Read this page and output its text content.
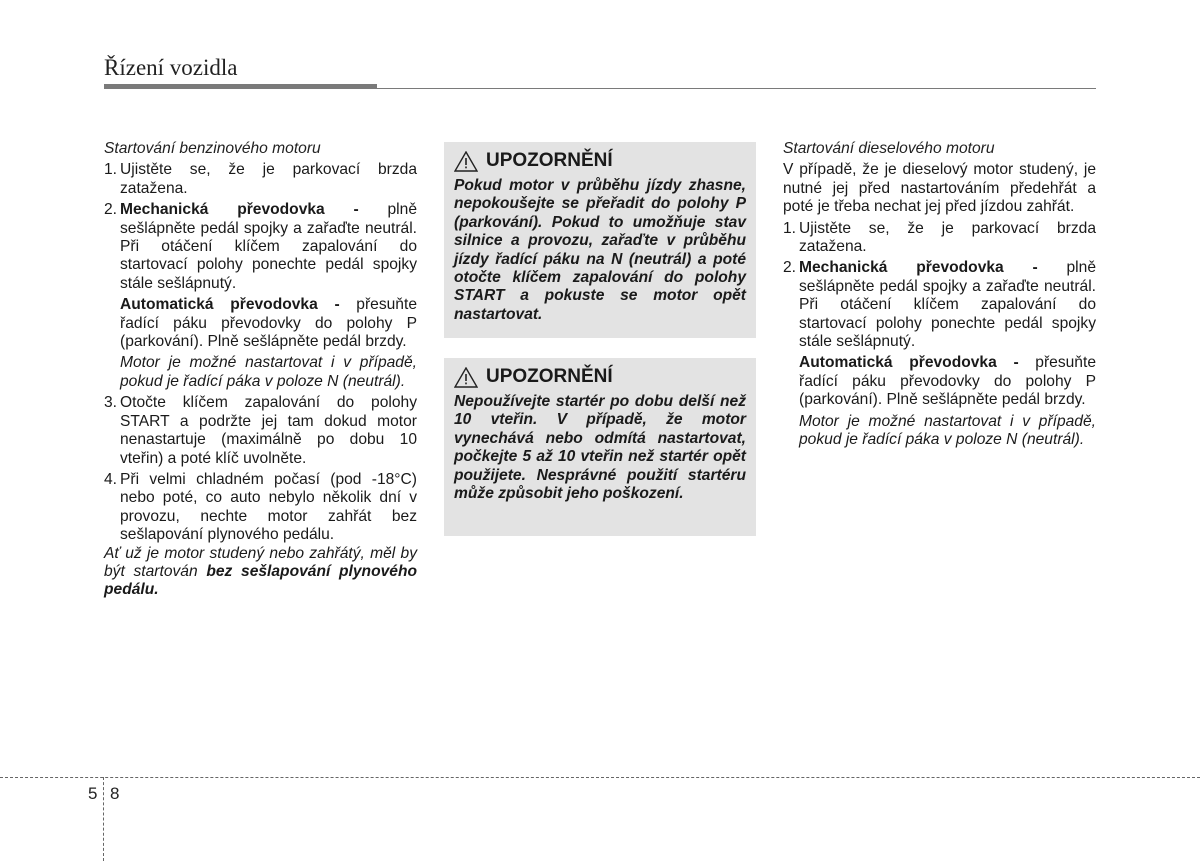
Řízení vozidla

Startování benzinového motoru

1. Ujistěte se, že je parkovací brzda zatažena.
2. Mechanická převodovka - plně sešlápněte pedál spojky a zařaďte neutrál. Při otáčení klíčem zapalování do startovací polohy ponechte pedál spojky stále sešlápnutý.

Automatická převodovka - přesuňte řadící páku převodovky do polohy P (parkování). Plně sešlápněte pedál brzdy.

Motor je možné nastartovat i v případě, pokud je řadící páka v poloze N (neutrál).

3. Otočte klíčem zapalování do polohy START a podržte jej tam dokud motor nenastartuje (maximálně po dobu 10 vteřin) a poté klíč uvolněte.
4. Při velmi chladném počasí (pod -18°C) nebo poté, co auto nebylo několik dní v provozu, nechte motor zahřát bez sešlapování plynového pedálu.

Ať už je motor studený nebo zahřátý, měl by být startován bez sešlapování plynového pedálu.

UPOZORNĚNÍ
Pokud motor v průběhu jízdy zhasne, nepokoušejte se přeřadit do polohy P (parkování). Pokud to umožňuje stav silnice a provozu, zařaďte v průběhu jízdy řadící páku na N (neutrál) a poté otočte klíčem zapalování do polohy START a pokuste se motor opět nastartovat.
UPOZORNĚNÍ
Nepoužívejte startér po dobu delší než 10 vteřin. V případě, že motor vynechává nebo odmítá nastartovat, počkejte 5 až 10 vteřin než startér opět použijete. Nesprávné použití startéru může způsobit jeho poškození.

Startování dieselového motoru

V případě, že je dieselový motor studený, je nutné jej před nastartováním předehřát a poté je třeba nechat jej před jízdou zahřát.

1. Ujistěte se, že je parkovací brzda zatažena.
2. Mechanická převodovka - plně sešlápněte pedál spojky a zařaďte neutrál. Při otáčení klíčem zapalování do startovací polohy ponechte pedál spojky stále sešlápnutý.

Automatická převodovka - přesuňte řadící páku převodovky do polohy P (parkování). Plně sešlápněte pedál brzdy.

Motor je možné nastartovat i v případě, pokud je řadící páka v poloze N (neutrál).

5 8
